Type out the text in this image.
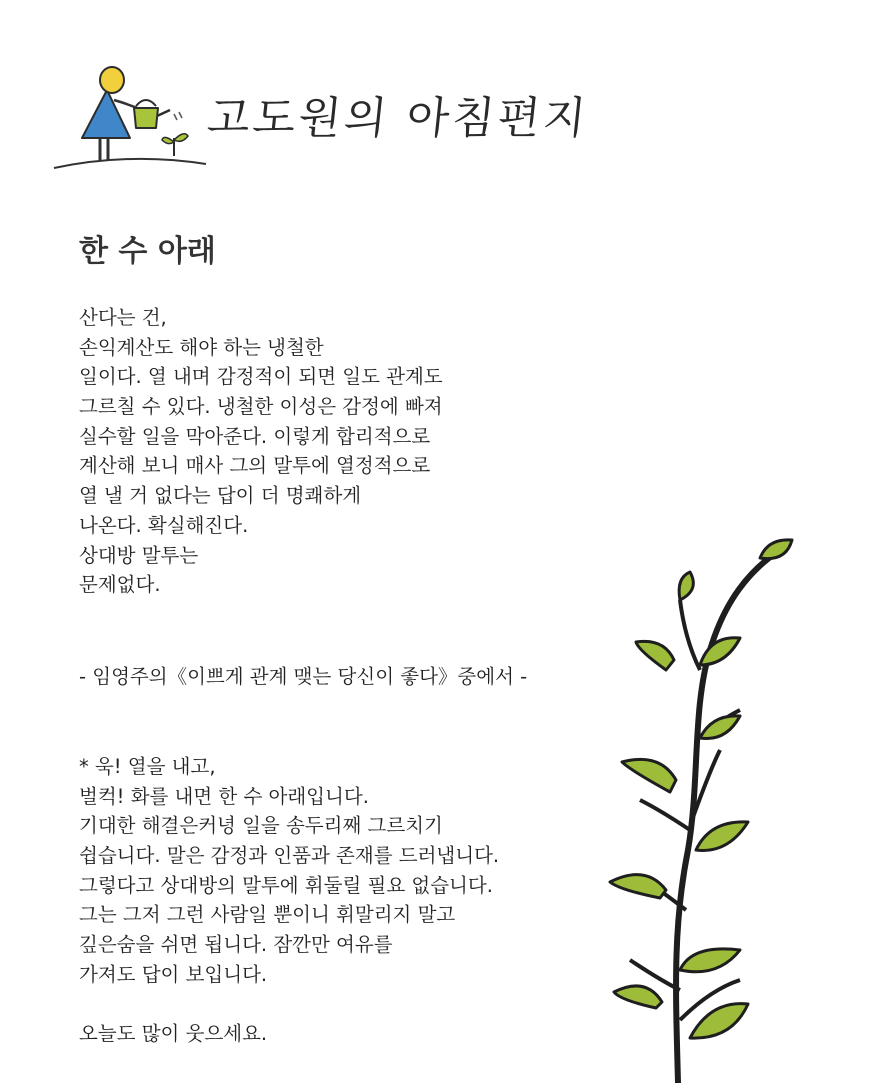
고도원의 아침편지
한 수 아래
산다는 건,
손익계산도 해야 하는 냉철한
일이다. 열 내며 감정적이 되면 일도 관계도
그르칠 수 있다. 냉철한 이성은 감정에 빠져
실수할 일을 막아준다. 이렇게 합리적으로
계산해 보니 매사 그의 말투에 열정적으로
열 낼 거 없다는 답이 더 명쾌하게
나온다. 확실해진다.
상대방 말투는
문제없다.
- 임영주의《이쁘게 관계 맺는 당신이 좋다》중에서 -
* 욱! 열을 내고,
벌컥! 화를 내면 한 수 아래입니다.
기대한 해결은커녕 일을 송두리째 그르치기
쉽습니다. 말은 감정과 인품과 존재를 드러냅니다.
그렇다고 상대방의 말투에 휘둘릴 필요 없습니다.
그는 그저 그런 사람일 뿐이니 휘말리지 말고
깊은숨을 쉬면 됩니다. 잠깐만 여유를
가져도 답이 보입니다.
오늘도 많이 웃으세요.
